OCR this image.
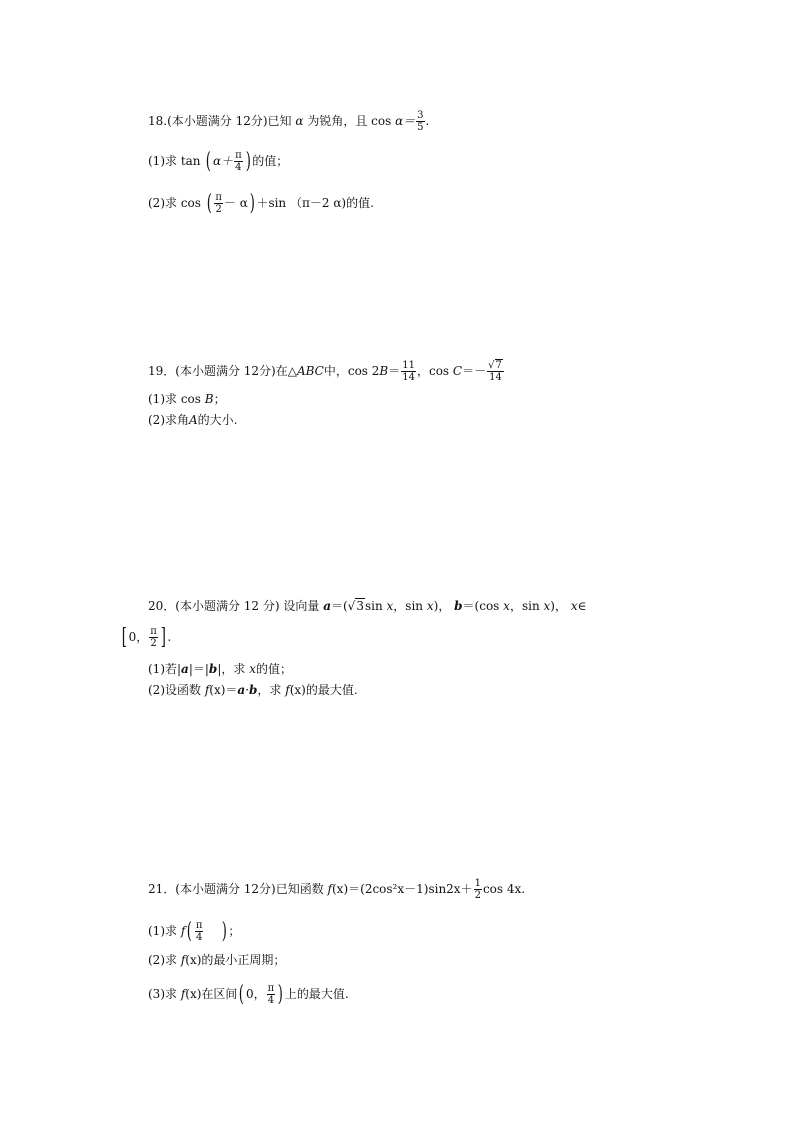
18.(本小题满分 12分)已知 α 为锐角，且 $\cos \alpha= \frac{3}{5}$ .
(1)求 tan ( $\alpha+ \frac{\pi}{4}$ ) 的值；
(2)求 cos ( $\frac{\pi}{2} - \alpha) +\sin$ （π－2 α)的值.
19．(本小题满分 12分)在△ABC中，$\cos 2B= \frac{11}{14}$ ，$\cos C=- \frac{√7}{14}$
(1)求 cos B；
(2)求角A的大小.
20．(本小题满分 12 分) 设向量 a＝(√3sin x，sin x)， b＝(cos x，sin x)， x∈
[ 0， $\frac{\pi}{2}$ ] .
(1)若|a|＝|b|，求 x的值；
(2)设函数 f(x)＝a·b，求 f(x)的最大值.
21．(本小题满分 12分)已知函数 $f(x)=(2\cos^2x-1)\sin 2x+ \frac{1}{2}$ cos 4x.
(1)求 $f( \frac{\pi}{4}$ ) ；
(2)求 f(x)的最小正周期；
(3)求 f(x)在区间( 0， $\frac{\pi}{4}$ ) 上的最大值.
